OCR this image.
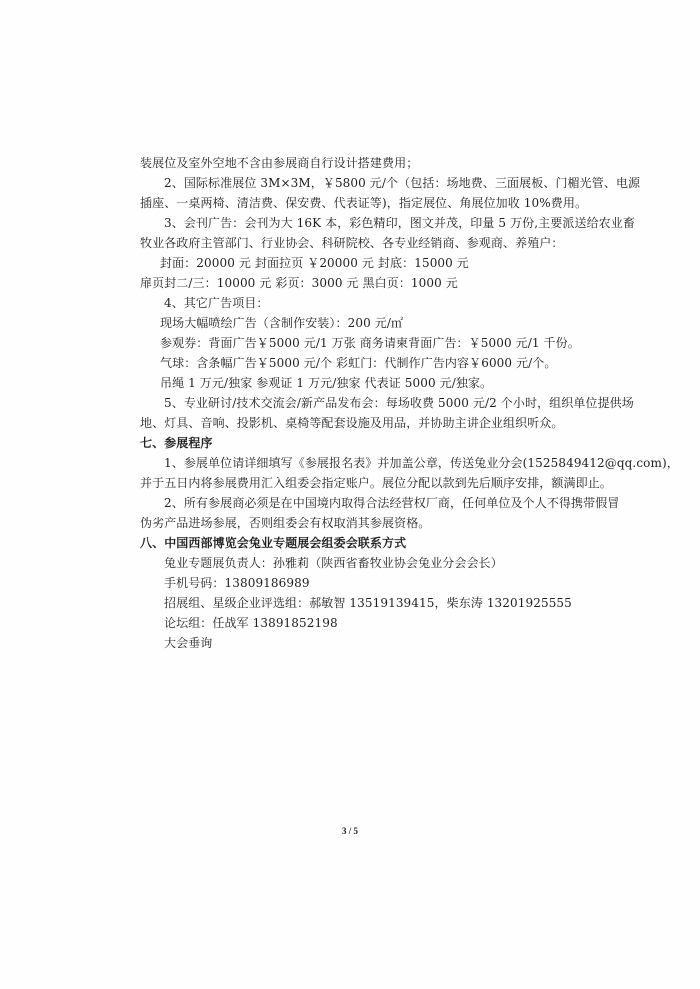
装展位及室外空地不含由参展商自行设计搭建费用；
2、国际标准展位 3M×3M，￥5800 元/个（包括：场地费、三面展板、门楣光管、电源
插座、一桌两椅、清洁费、保安费、代表证等)，指定展位、角展位加收 10%费用。
3、会刊广告：会刊为大 16K 本，彩色精印，图文并茂，印量 5 万份,主要派送给农业畜
牧业各政府主管部门、行业协会、科研院校、各专业经销商、参观商、养殖户：
封面：20000 元 封面拉页 ￥20000 元 封底：15000 元
扉页封二/三：10000 元 彩页：3000 元 黑白页：1000 元
4、其它广告项目：
现场大幅喷绘广告（含制作安装）：200 元/㎡
参观券：背面广告￥5000 元/1 万张 商务请柬背面广告：￥5000 元/1 千份。
气球：含条幅广告￥5000 元/个 彩虹门：代制作广告内容￥6000 元/个。
吊绳 1 万元/独家 参观证 1 万元/独家 代表证 5000 元/独家。
5、专业研讨/技术交流会/新产品发布会：每场收费 5000 元/2 个小时，组织单位提供场
地、灯具、音响、投影机、桌椅等配套设施及用品，并协助主讲企业组织听众。
七、参展程序
1、参展单位请详细填写《参展报名表》并加盖公章，传送兔业分会(1525849412@qq.com)，
并于五日内将参展费用汇入组委会指定账户。展位分配以款到先后顺序安排，额满即止。
2、所有参展商必须是在中国境内取得合法经营权厂商，任何单位及个人不得携带假冒
伪劣产品进场参展，否则组委会有权取消其参展资格。
八、中国西部博览会兔业专题展会组委会联系方式
兔业专题展负责人：孙雅莉（陕西省畜牧业协会兔业分会会长）
手机号码：13809186989
招展组、星级企业评选组：郝敏智 13519139415，柴东涛 13201925555
论坛组：任战军 13891852198
大会垂询
3 / 5
